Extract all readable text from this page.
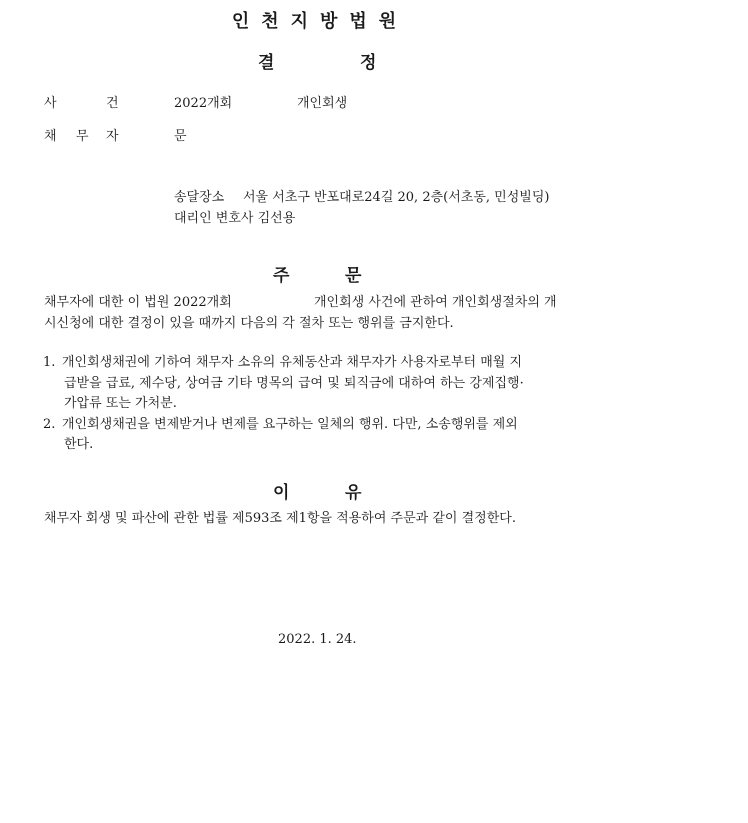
인천지방법원
결	정
사	건	2022개회	개인회생
채 무 자	문
송달장소 서울 서초구 반포대로24길 20, 2층(서초동, 민성빌딩)
대리인 변호사 김선용
주	문
채무자에 대한 이 법원 2022개회	개인회생 사건에 관하여 개인회생절차의 개
시신청에 대한 결정이 있을 때까지 다음의 각 절차 또는 행위를 금지한다.
1. 개인회생채권에 기하여 채무자 소유의 유체동산과 채무자가 사용자로부터 매월 지
급받을 급료, 제수당, 상여금 기타 명목의 급여 및 퇴직금에 대하여 하는 강제집행·
가압류 또는 가처분.
2. 개인회생채권을 변제받거나 변제를 요구하는 일체의 행위. 다만, 소송행위를 제외
한다.
이	유
채무자 회생 및 파산에 관한 법률 제593조 제1항을 적용하여 주문과 같이 결정한다.
2022. 1. 24.
